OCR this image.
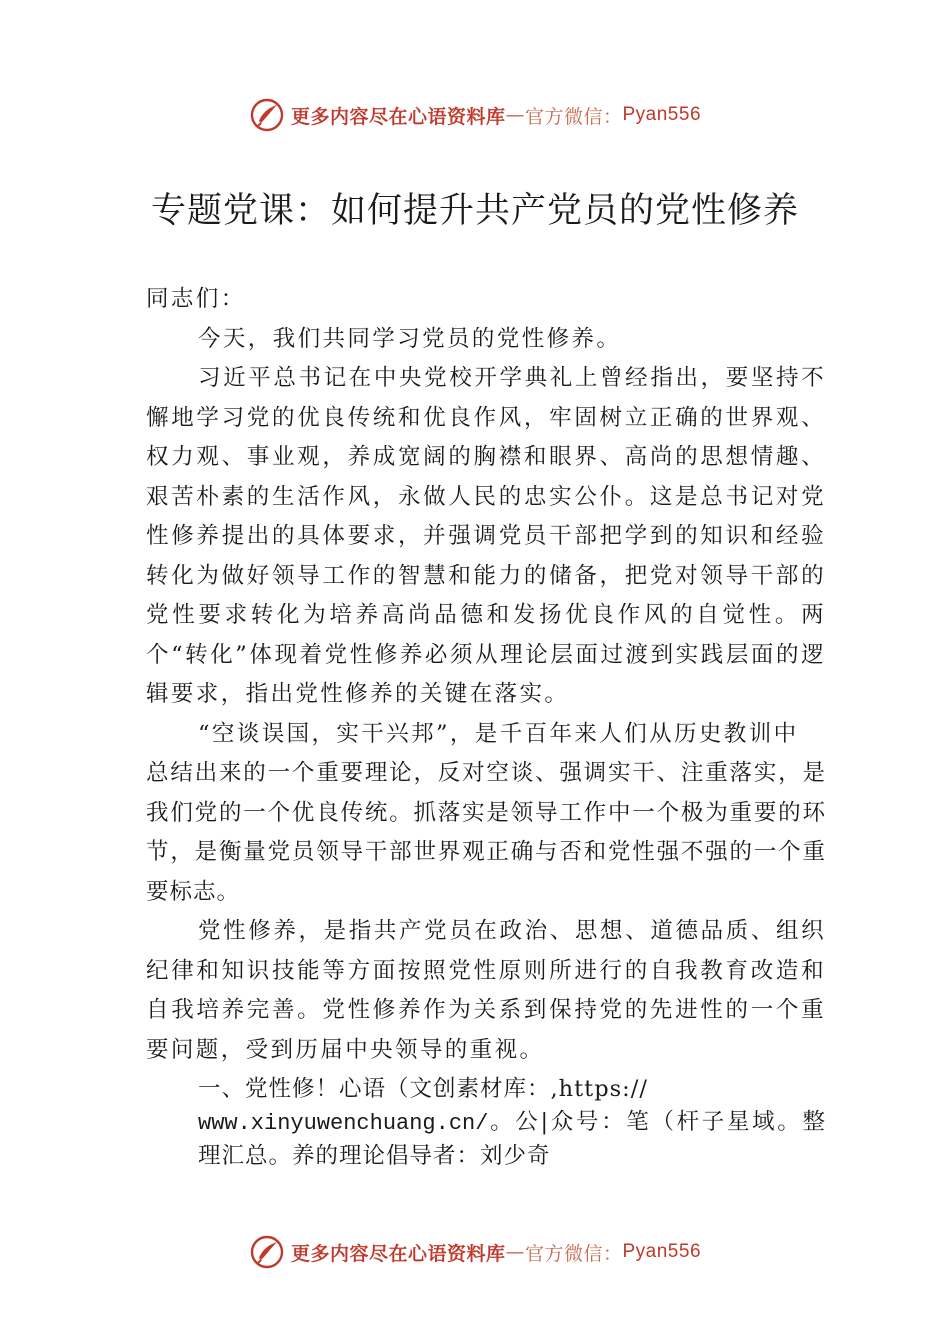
更多内容尽在心语资料库 — 官方微信： Pyan556
专题党课：如何提升共产党员的党性修养

同志们：

今天，我们共同学习党员的党性修养。

习近平总书记在中央党校开学典礼上曾经指出，要坚持不懈地学习党的优良传统和优良作风，牢固树立正确的世界观、权力观、事业观，养成宽阔的胸襟和眼界、高尚的思想情趣、艰苦朴素的生活作风，永做人民的忠实公仆。这是总书记对党性修养提出的具体要求，并强调党员干部把学到的知识和经验转化为做好领导工作的智慧和能力的储备，把党对领导干部的党性要求转化为培养高尚品德和发扬优良作风的自觉性。两个“转化”体现着党性修养必须从理论层面过渡到实践层面的逻辑要求，指出党性修养的关键在落实。

“空谈误国，实干兴邦”，是千百年来人们从历史教训中

总结出来的一个重要理论，反对空谈、强调实干、注重落实，是我们党的一个优良传统。抓落实是领导工作中一个极为重要的环节，是衡量党员领导干部世界观正确与否和党性强不强的一个重要标志。

党性修养，是指共产党员在政治、思想、道德品质、组织纪律和知识技能等方面按照党性原则所进行的自我教育改造和自我培养完善。党性修养作为关系到保持党的先进性的一个重要问题，受到历届中央领导的重视。

一、党性修！心语（文创素材库：,https://

www.xinyuwenchuang.cn/。公|众号：笔（杆子星域。整理汇总。养的理论倡导者：刘少奇

更多内容尽在心语资料库 — 官方微信： Pyan556
